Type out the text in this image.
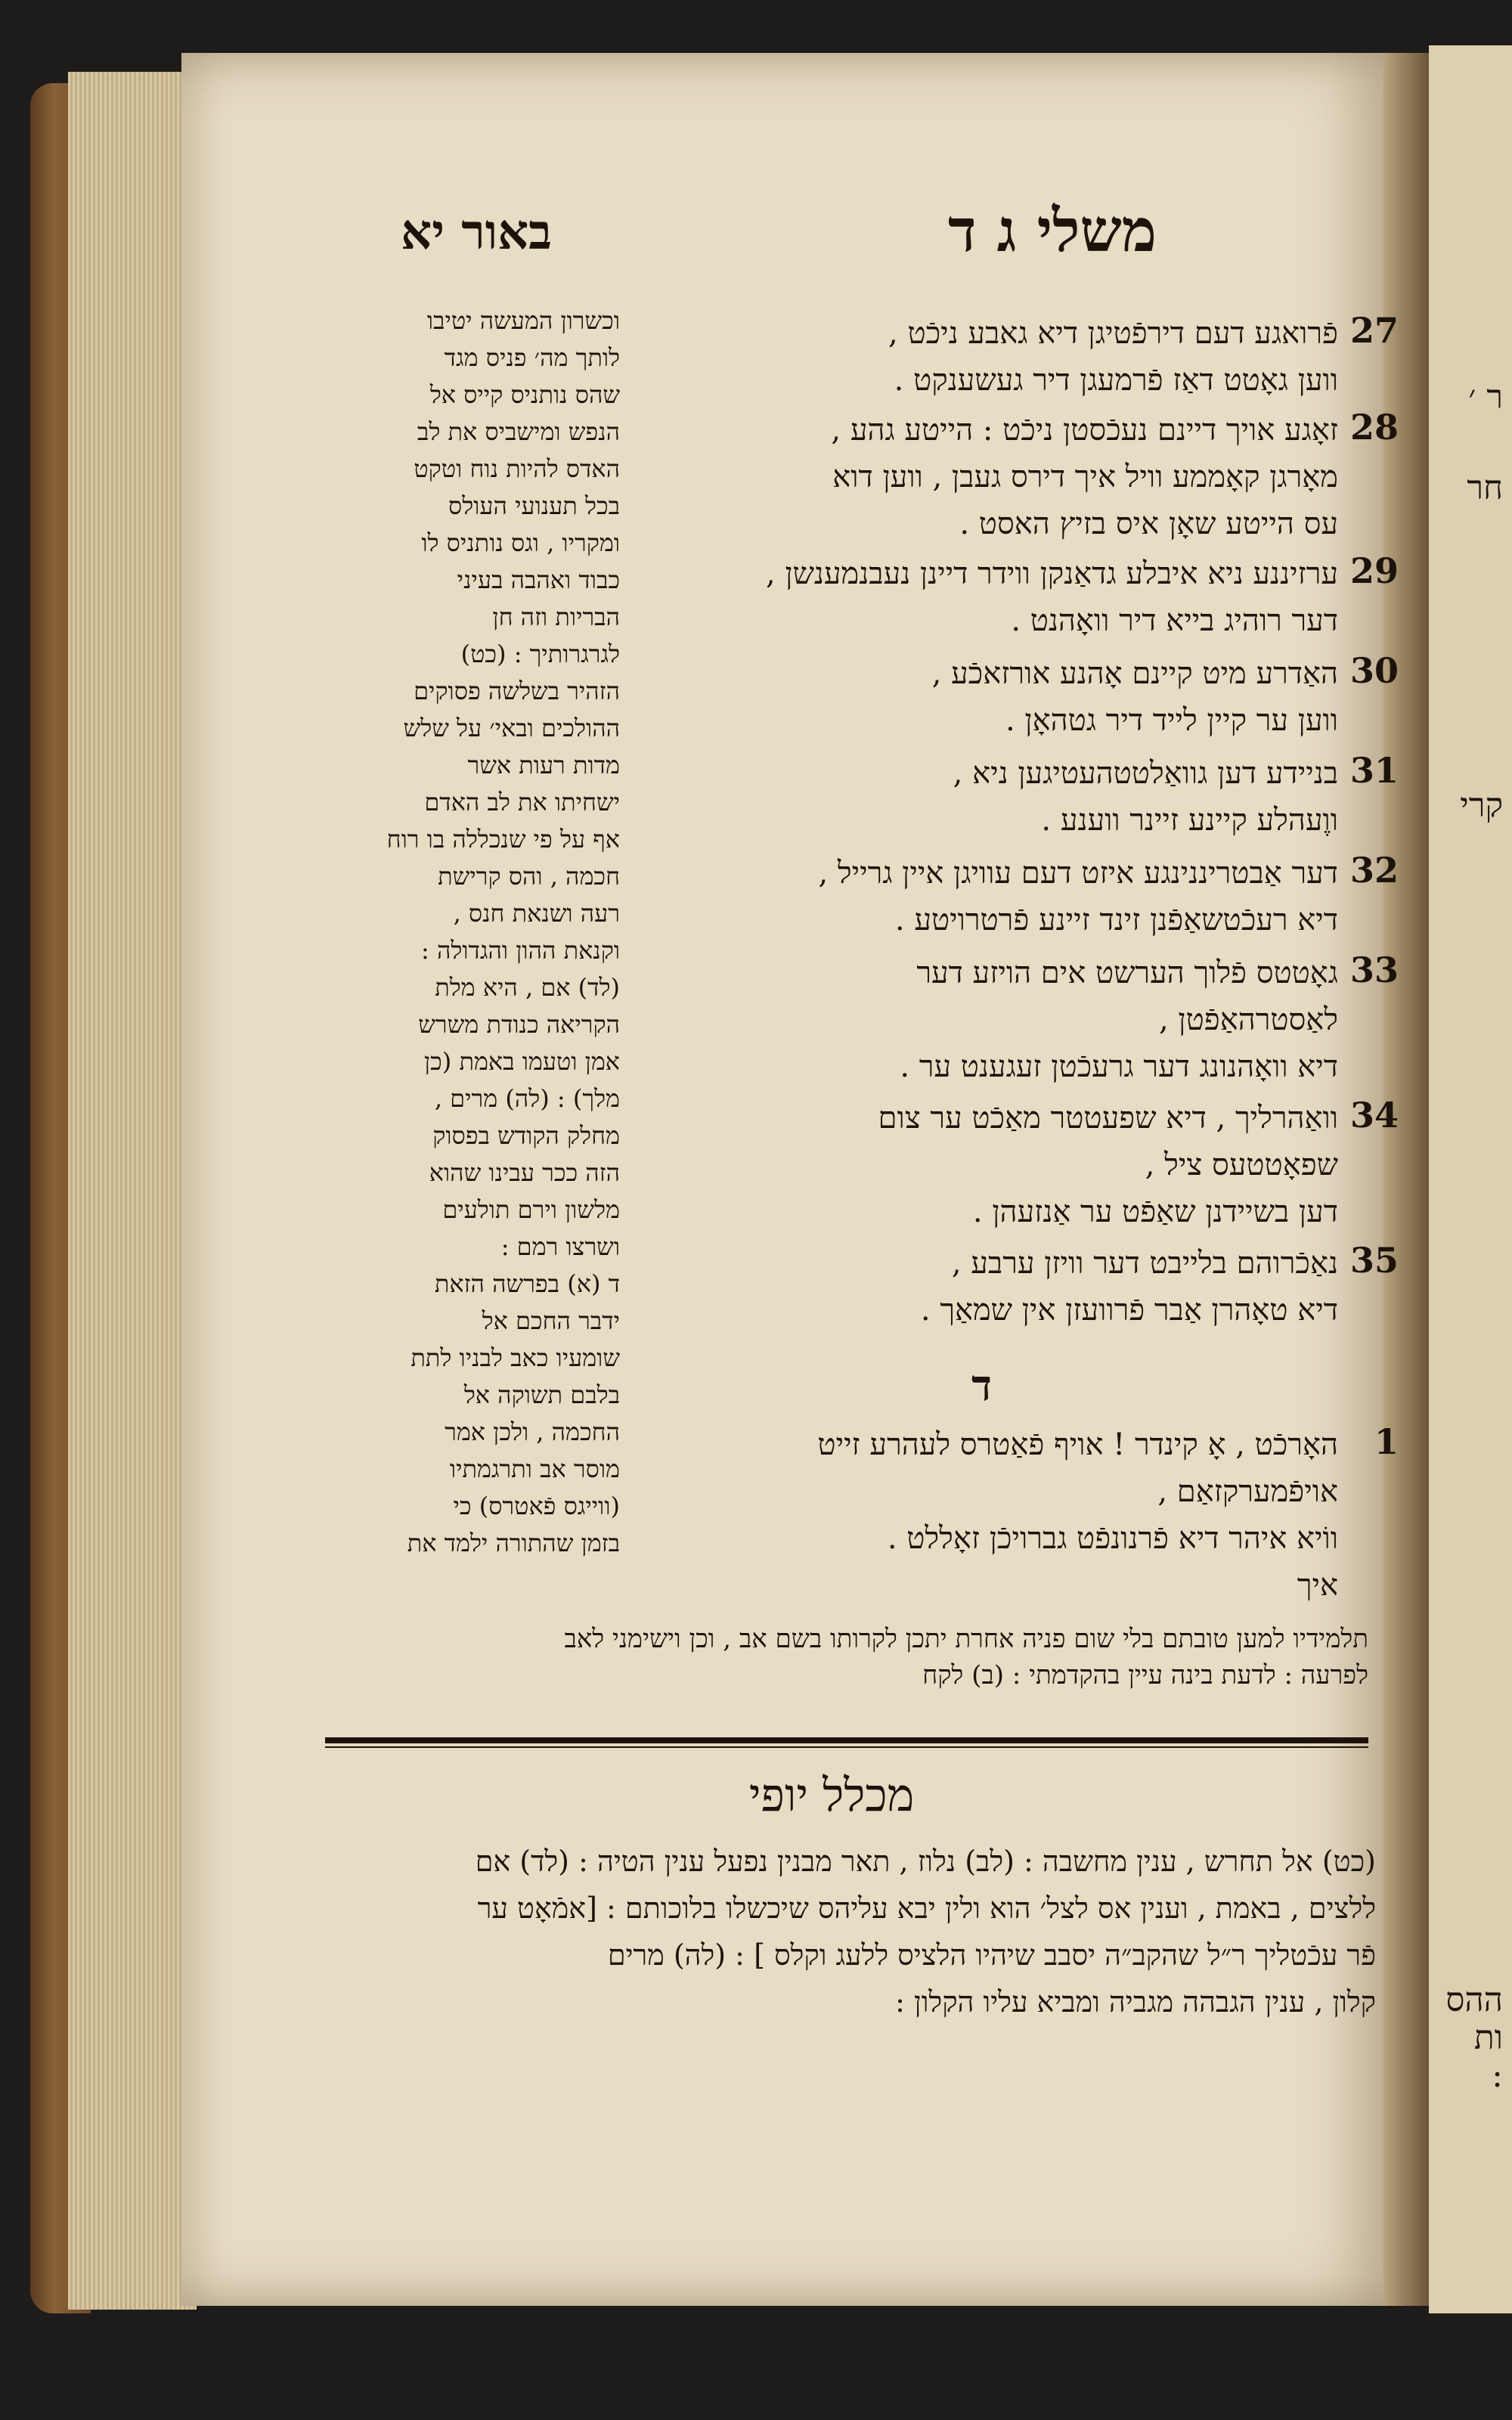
ר ׳
חר
קרי
ההס
ות
:
משלי ג ד
באור יא
27
פֿרואגע דעם דירפֿטיגן דיא גאבע ניכֿט ,
ווען גאָטט דאַז פֿרמעגן דיר געשענקט .
28
זאָגע אויך דיינם נעכֿסטן ניכֿט : הייטע גהע ,
מאָרגן קאָממע וויל איך דירס געבן , ווען דוא
עס הייטע שאָן איס בזיץ האסט .
29
ערזיננע ניא איבלע גדאַנקן ווידר דיינן נעבנמענשן ,
דער רוהיג בייא דיר וואָהנט .
30
האַדרע מיט קיינם אָהנע אורזאכֿע ,
ווען ער קיין לייד דיר גטהאָן .
31
בניידע דען גוואַלטטהעטיגען ניא ,
ווֶעהלע קיינע זיינר ווענע .
32
דער אַבטריננינגע איזט דעם עוויגן איין גרייל ,
דיא רעכֿטשאַפֿנן זינד זיינע פֿרטרויטע .
33
גאָטטס פֿלוך הערשט אים הויזע דער
לאַסטרהאַפֿטן ,
דיא וואָהנונג דער גרעכֿטן זעגענט ער .
34
וואַהרליך , דיא שפעטטר מאַכֿט ער צום
שפאָטטעס ציל ,
דען בשיידנן שאַפֿט ער אַנזעהן .
35
נאַכֿרוהם בלייבט דער וויזן ערבע ,
דיא טאָהרן אַבר פֿרוועזן אין שמאַך .
1
האָרכֿט , אָ קינדר ! אויף פֿאַטרס לעהרע זייט
אויפֿמערקזאַם ,
ווֹיא איהר דיא פֿרנונפֿט גברויכֿן זאָללט .
איך
ד
וכשרון המעשה יטיבו
לותך מה׳ פניס מגד
שהס נותניס קייס אל
הנפש ומישביס את לב
האדס להיות נוח וטקט
בכל תענועי העולס
ומקריו , וגס נותניס לו
כבוד ואהבה בעיני
הבריות וזה חן
לגרגרותיך : (כט)
הזהיר בשלשה פסוקים
ההולכים ובאי׳ על שלש
מדות רעות אשר
ישחיתו את לב האדם
אף על פי שנכללה בו רוח
חכמה , והס קרישת
רעה ושנאת חנס ,
וקנאת ההון והגדולה :
(לד) אם , היא מלת
הקריאה כנודת משרש
אמן וטעמו באמת (כן
מלך) : (לה) מרים ,
מחלק הקודש בפסוק
הזה ככר עבינו שהוא
מלשון וירם תולעים
ושרצו רמם :
ד (א) בפרשה הזאת
ידבר החכם אל
שומעיו כאב לבניו לתת
בלבם תשוקה אל
החכמה , ולכן אמר
מוסר אב ותרגמתיו
(ווייגס פֿאטרס) כי
בזמן שהתורה ילמד את
תלמידיו למען טובתם בלי שום פניה אחרת יתכן לקרותו בשם אב , וכן וישימני לאב
לפרעה : לדעת בינה עיין בהקדמתי : (ב) לקח
מכלל יופי
(כט) אל תחרש , ענין מחשבה : (לב) נלוז , תאר מבנין נפעל ענין הטיה : (לד) אם
ללצים , באמת , וענין אס לצל׳ הוא ולין יבא עליהס שיכשלו בלוכותם : [אמֿאָט ער
פֿר עכֿטליך ר״ל שהקב״ה יסבב שיהיו הלציס ללעג וקלס ] : (לה) מרים
קלון , ענין הגבהה מגביה ומביא עליו הקלון :
